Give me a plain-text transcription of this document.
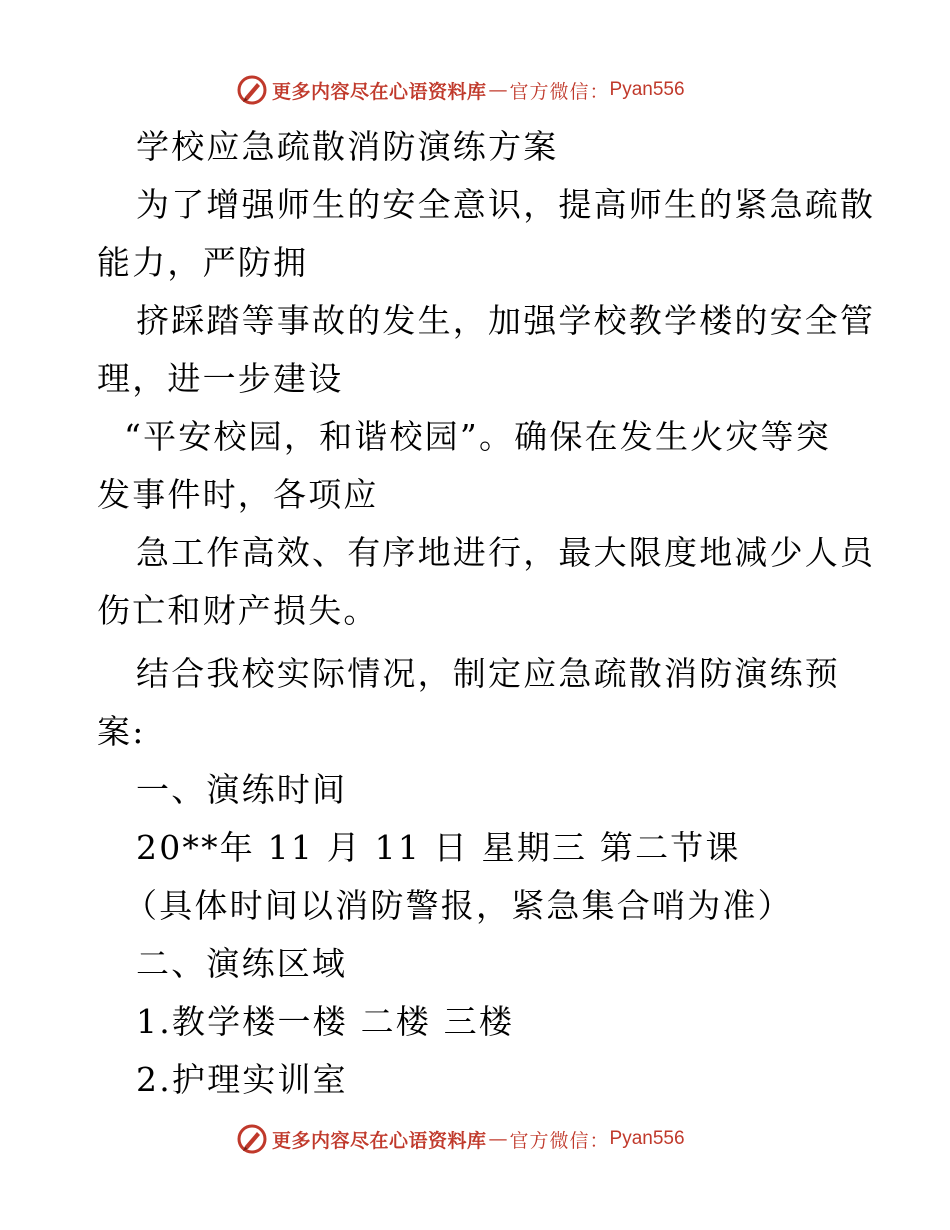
更多内容尽在心语资料库 — 官方微信： Pyan556
学校应急疏散消防演练方案
为了增强师生的安全意识，提高师生的紧急疏散
能力，严防拥
挤踩踏等事故的发生，加强学校教学楼的安全管
理，进一步建设
“平安校园，和谐校园”。确保在发生火灾等突
发事件时，各项应
急工作高效、有序地进行，最大限度地减少人员
伤亡和财产损失。
结合我校实际情况，制定应急疏散消防演练预
案:
一、演练时间
20**年 11 月 11 日 星期三 第二节课
（具体时间以消防警报，紧急集合哨为准）
二、演练区域
1.教学楼一楼 二楼 三楼
2.护理实训室
更多内容尽在心语资料库 — 官方微信： Pyan556
